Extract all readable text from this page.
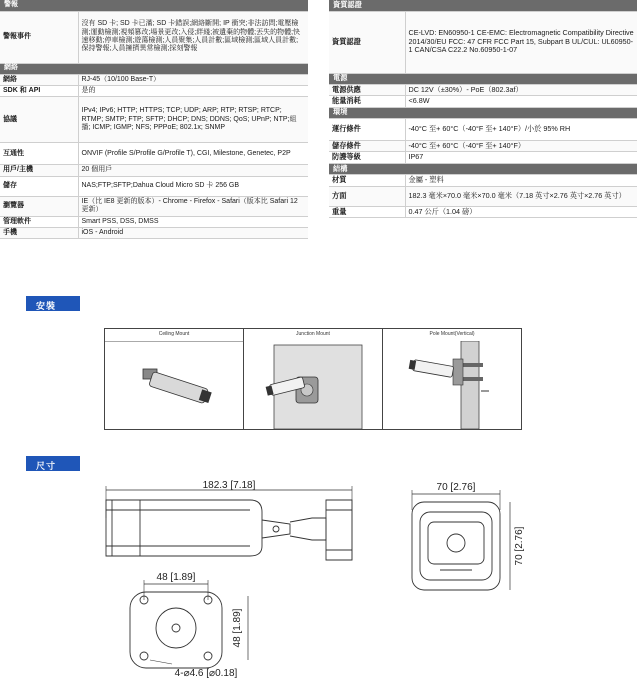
警報	
警報事件	沒有 SD 卡; SD 卡已滿; SD 卡錯誤;網絡斷開; IP 衝突;非法訪問;電壓檢測;運動檢測;視頻篡改;場景更改;入侵;絆綫;被遺棄的物體;丟失的物體;快速移動;停車檢測;遊蕩檢測;人員聚集;人員計數;區域檢測;區域人員計數;保持警報;人員擁擠異常檢測;採刻警報
網絡	
網絡	RJ-45（10/100 Base-T）
SDK 和 API	是的
協議	IPv4; IPv6; HTTP; HTTPS; TCP; UDP; ARP; RTP; RTSP; RTCP; RTMP; SMTP; FTP; SFTP; DHCP; DNS; DDNS; QoS; UPnP; NTP;組播; ICMP; IGMP; NFS; PPPoE; 802.1x; SNMP
互通性	ONVIF (Profile S/Profile G/Profile T), CGI, Milestone, Genetec, P2P
用戶/主機	20 個用戶
儲存	NAS;FTP;SFTP;Dahua Cloud Micro SD 卡 256 GB
瀏覽器	IE（比 IE8 更新的版本）- Chrome - Firefox - Safari（版本比 Safari 12 更新）
管理軟件	Smart PSS, DSS, DMSS
手機	iOS - Android
資質認證	
資質認證	CE-LVD: EN60950-1 CE-EMC: Electromagnetic Compatibility Directive 2014/30/EU FCC: 47 CFR FCC Part 15, Subpart B UL/CUL: UL60950-1 CAN/CSA C22.2 No.60950-1-07
電源	
電源供應	DC 12V（±30%）- PoE（802.3af）
能量消耗	<6.8W
環境	
運行條件	-40°C 至+ 60°C（-40°F 至+ 140°F）/小於 95% RH
儲存條件	-40°C 至+ 60°C（-40°F 至+ 140°F）
防護等級	IP67
結構	
材質	金屬 - 塑料
方面	182.3 毫米×70.0 毫米×70.0 毫米（7.18 英寸×2.76 英寸×2.76 英寸）
重量	0.47 公斤（1.04 磅）
安裝
Ceiling Mount	Junction Mount	Pole Mount(Vertical)
尺寸
182.3 [7.18]	70 [2.76]
70 [2.76]
48 [1.89]
48 [1.89]
4-⌀4.6 [⌀0.18]
